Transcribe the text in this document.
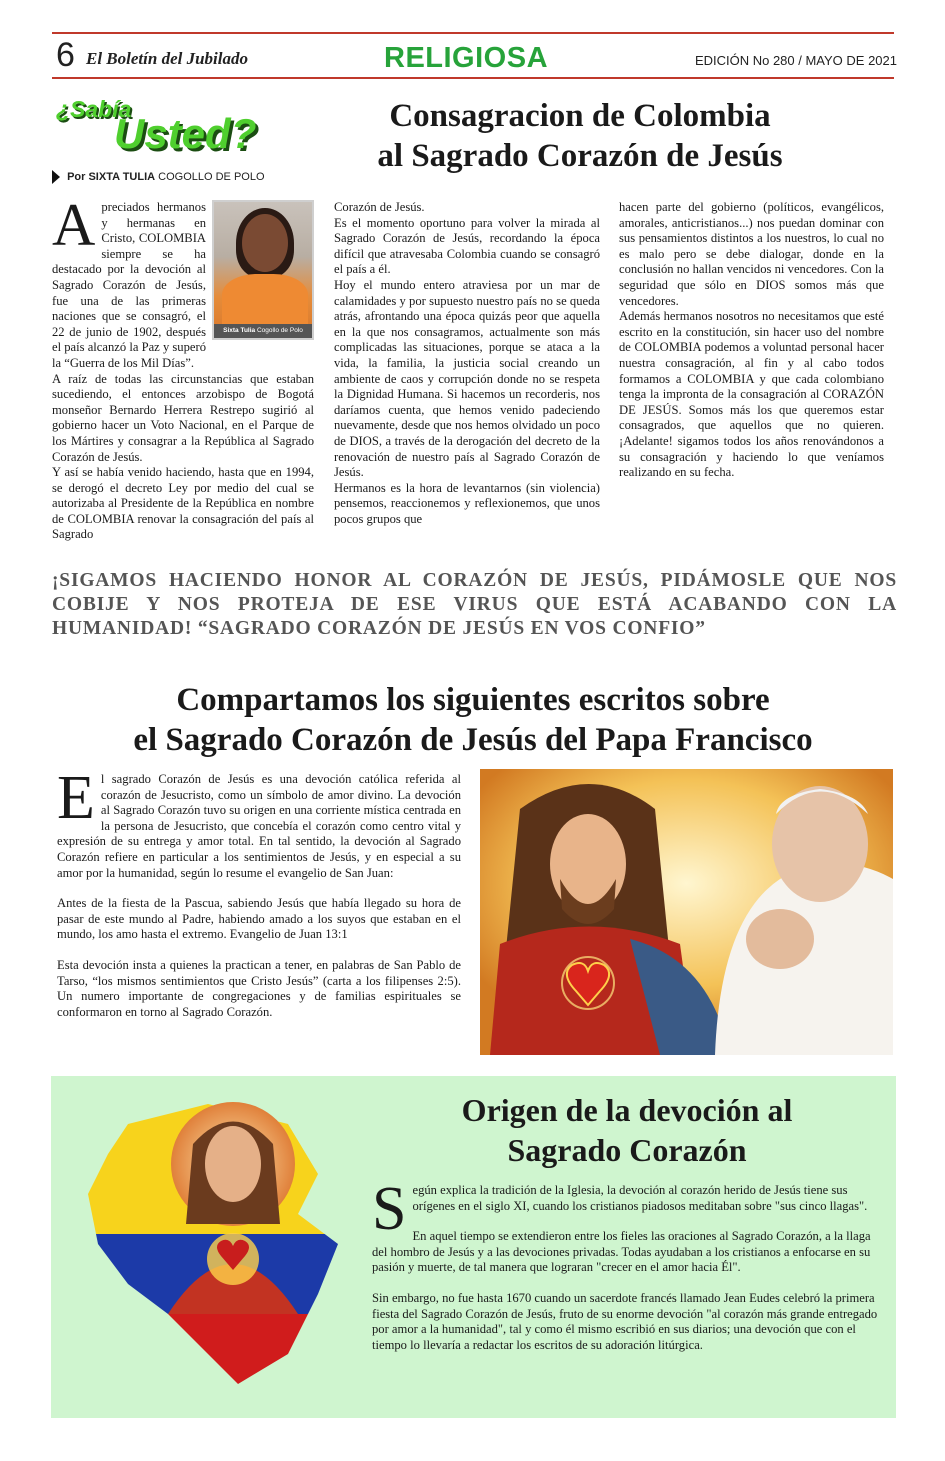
6 El Boletín del Jubilado	RELIGIOSA	EDICIÓN No 280 / MAYO DE 2021
¿Sabía
Usted?
Por SIXTA TULIA COGOLLO DE POLO
Consagracion de Colombia
al Sagrado Corazón de Jesús
Sixta Tulia Cogollo de Polo
A preciados hermanos y hermanas en Cristo, COLOMBIA siempre se ha destacado por la devoción al Sagrado Corazón de Jesús, fue una de las primeras naciones que se consagró, el 22 de junio de 1902, después el país alcanzó la Paz y superó la “Guerra de los Mil Días”.

A raíz de todas las circunstancias que estaban sucediendo, el entonces arzobispo de Bogotá monseñor Bernardo Herrera Restrepo sugirió al gobierno hacer un Voto Nacional, en el Parque de los Mártires y consagrar a la República al Sagrado Corazón de Jesús.

Y así se había venido haciendo, hasta que en 1994, se derogó el decreto Ley por medio del cual se autorizaba al Presidente de la República en nombre de COLOMBIA renovar la consagración del país al Sagrado

Corazón de Jesús.

Es el momento oportuno para volver la mirada al Sagrado Corazón de Jesús, recordando la época difícil que atravesaba Colombia cuando se consagró el país a él.

Hoy el mundo entero atraviesa por un mar de calamidades y por supuesto nuestro país no se queda atrás, afrontando una época quizás peor que aquella en la que nos consagramos, actualmente son más complicadas las situaciones, porque se ataca a la vida, la familia, la justicia social creando un ambiente de caos y corrupción donde no se respeta la Dignidad Humana. Si hacemos un recorderis, nos daríamos cuenta, que hemos venido padeciendo nuevamente, desde que nos hemos olvidado un poco de DIOS, a través de la derogación del decreto de la renovación de nuestro país al Sagrado Corazón de Jesús.

Hermanos es la hora de levantarnos (sin violencia) pensemos, reaccionemos y reflexionemos, que unos pocos grupos que

hacen parte del gobierno (políticos, evangélicos, amorales, anticristianos...) nos puedan dominar con sus pensamientos distintos a los nuestros, lo cual no es malo pero se debe dialogar, donde en la conclusión no hallan vencidos ni vencedores. Con la seguridad que sólo en DIOS somos más que vencedores.

Además hermanos nosotros no necesitamos que esté escrito en la constitución, sin hacer uso del nombre de COLOMBIA podemos a voluntad personal hacer nuestra consagración, al fin y al cabo todos formamos a COLOMBIA y que cada colombiano tenga la impronta de la consagración al CORAZÓN DE JESÚS. Somos más los que queremos estar consagrados, que aquellos que no quieren. ¡Adelante! sigamos todos los años renovándonos a su consagración y haciendo lo que veníamos realizando en su fecha.

¡SIGAMOS HACIENDO HONOR AL CORAZÓN DE JESÚS, PIDÁMOSLE QUE NOS COBIJE Y NOS PROTEJA DE ESE VIRUS QUE ESTÁ ACABANDO CON LA HUMANIDAD! “SAGRADO CORAZÓN DE JESÚS EN VOS CONFIO”
Compartamos los siguientes escritos sobre
el Sagrado Corazón de Jesús del Papa Francisco

El sagrado Corazón de Jesús es una devoción católica referida al corazón de Jesucristo, como un símbolo de amor divino. La devoción al Sagrado Corazón tuvo su origen en una corriente mística centrada en la persona de Jesucristo, que concebía el corazón como centro vital y expresión de su entrega y amor total. En tal sentido, la devoción al Sagrado Corazón refiere en particular a los sentimientos de Jesús, y en especial a su amor por la humanidad, según lo resume el evangelio de San Juan:

Antes de la fiesta de la Pascua, sabiendo Jesús que había llegado su hora de pasar de este mundo al Padre, habiendo amado a los suyos que estaban en el mundo, los amo hasta el extremo. Evangelio de Juan 13:1

Esta devoción insta a quienes la practican a tener, en palabras de San Pablo de Tarso, “los mismos sentimientos que Cristo Jesús” (carta a los filipenses 2:5). Un numero importante de congregaciones y de familias espirituales se conformaron en torno al Sagrado Corazón.

Origen de la devoción al
Sagrado Corazón

Según explica la tradición de la Iglesia, la devoción al corazón herido de Jesús tiene sus orígenes en el siglo XI, cuando los cristianos piadosos meditaban sobre "sus cinco llagas".

En aquel tiempo se extendieron entre los fieles las oraciones al Sagrado Corazón, a la llaga del hombro de Jesús y a las devociones privadas. Todas ayudaban a los cristianos a enfocarse en su pasión y muerte, de tal manera que lograran "crecer en el amor hacia Él".

Sin embargo, no fue hasta 1670 cuando un sacerdote francés llamado Jean Eudes celebró la primera fiesta del Sagrado Corazón de Jesús, fruto de su enorme devoción "al corazón más grande entregado por amor a la humanidad", tal y como él mismo escribió en sus diarios; una devoción que con el tiempo lo llevaría a redactar los escritos de su adoración litúrgica.
